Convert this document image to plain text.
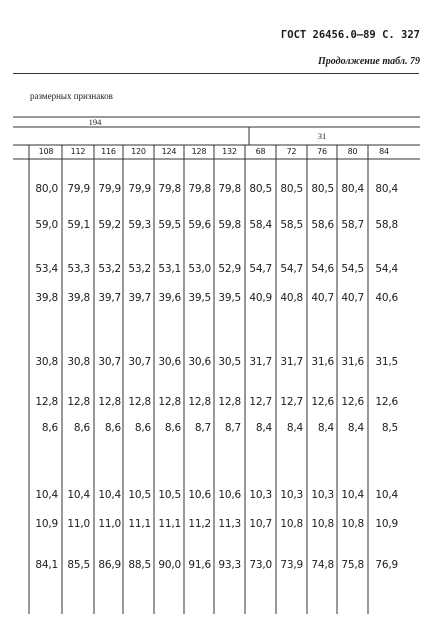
ГОСТ 26456.0—89 С. 327
Продолжение табл. 79
размерных признаков
194
31
108	112	116	120	124	128	132	68	72	76	80	84
80,0 79,9 79,9 79,9 79,8 79,8 79,8 80,5 80,5 80,5 80,4	80,4
59,0 59,1 59,2 59,3 59,5 59,6 59,8 58,4 58,5 58,6 58,7	58,8
53,4 53,3 53,2 53,2 53,1 53,0 52,9 54,7 54,7 54,6 54,5	54,4
39,8 39,8 39,7 39,7 39,6 39,5 39,5 40,9 40,8 40,7 40,7	40,6
30,8 30,8 30,7 30,7 30,6 30,6 30,5 31,7 31,7 31,6 31,6	31,5
12,8 12,8 12,8 12,8 12,8 12,8 12,8 12,7 12,7 12,6 12,6	12,6
8,6	8,6	8,6	8,6	8,6	8,7	8,7	8,4	8,4	8,4	8,4	8,5
10,4 10,4 10,4 10,5 10,5 10,6 10,6 10,3 10,3 10,3 10,4	10,4
10,9 11,0 11,0 11,1 11,1 11,2 11,3 10,7 10,8 10,8 10,8	10,9
84,1 85,5 86,9 88,5 90,0 91,6 93,3 73,0 73,9 74,8 75,8	76,9
